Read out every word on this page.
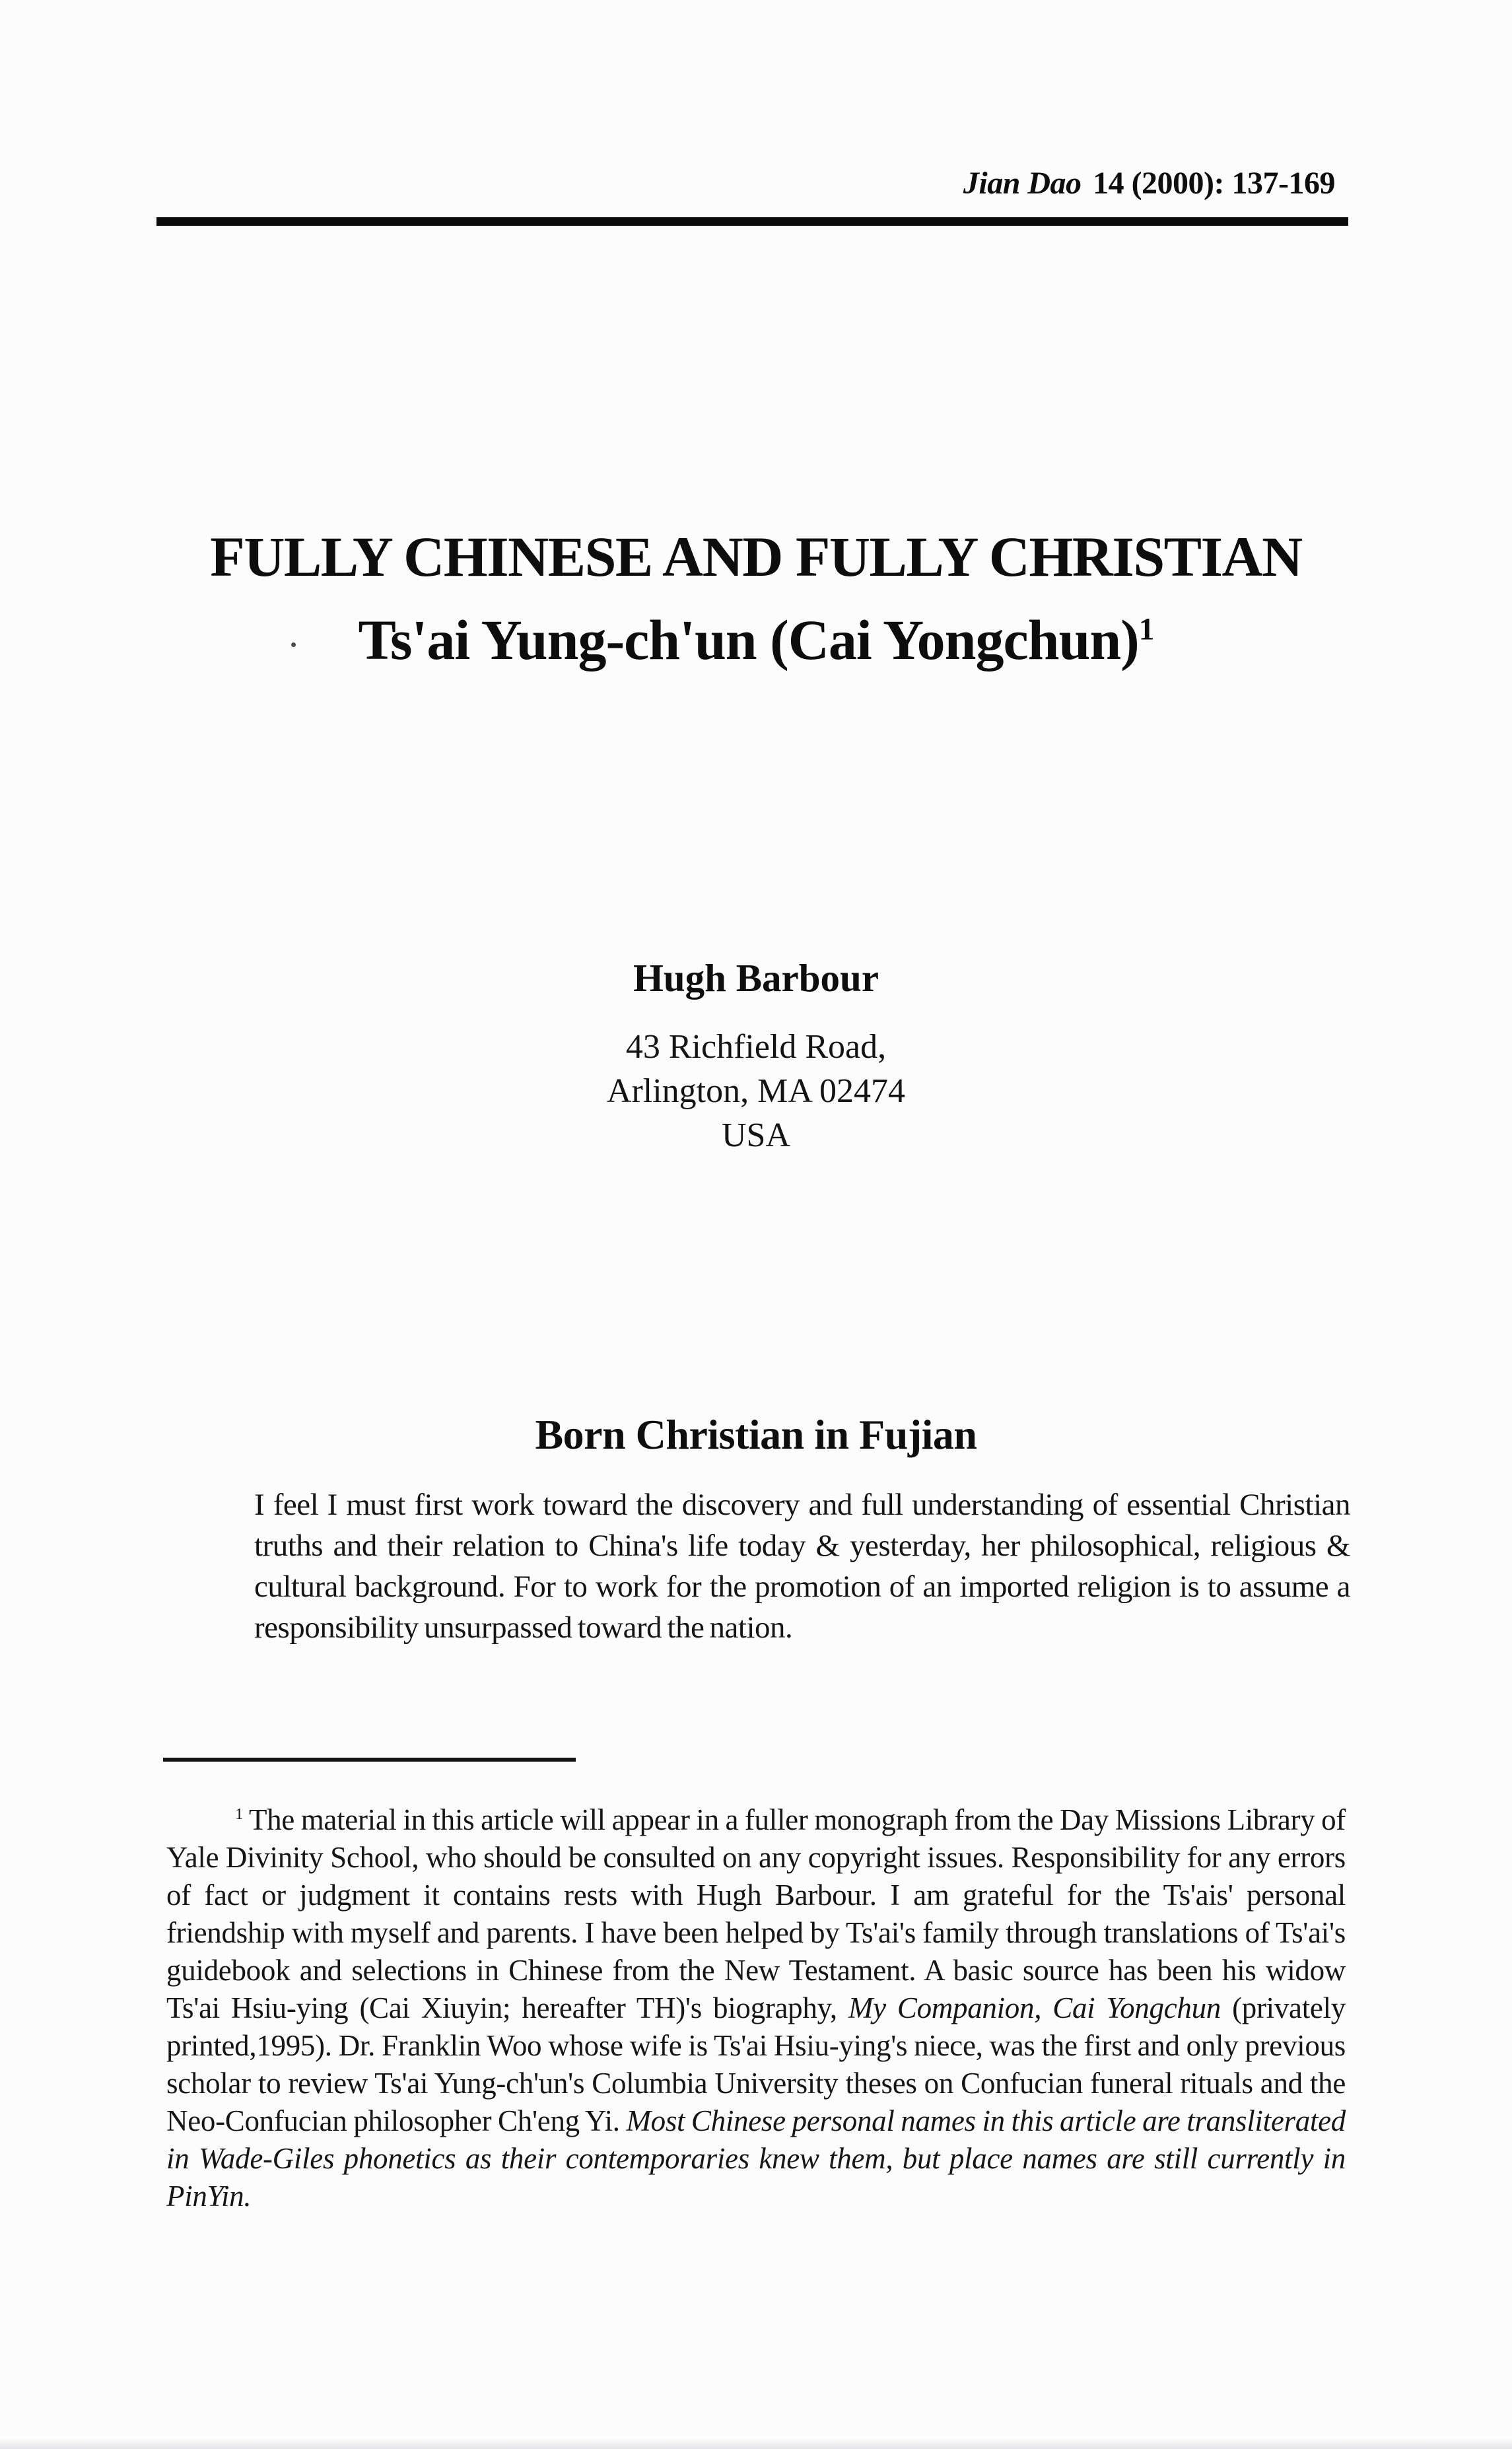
Jian Dao 14 (2000): 137-169
FULLY CHINESE AND FULLY CHRISTIAN
Ts'ai Yung-ch'un (Cai Yongchun)$^1$
Hugh Barbour
43 Richfield Road,
Arlington, MA 02474
USA
Born Christian in Fujian

I feel I must first work toward the discovery and full understanding of essential Christian truths and their relation to China's life today & yesterday, her philosophical, religious & cultural background. For to work for the promotion of an imported religion is to assume a responsibility unsurpassed toward the nation.

$^1$ The material in this article will appear in a fuller monograph from the Day Missions Library of Yale Divinity School, who should be consulted on any copyright issues. Responsibility for any errors of fact or judgment it contains rests with Hugh Barbour. I am grateful for the Ts'ais' personal friendship with myself and parents. I have been helped by Ts'ai's family through translations of Ts'ai's guidebook and selections in Chinese from the New Testament. A basic source has been his widow Ts'ai Hsiu-ying (Cai Xiuyin; hereafter TH)'s biography, My Companion, Cai Yongchun (privately printed,1995). Dr. Franklin Woo whose wife is Ts'ai Hsiu-ying's niece, was the first and only previous scholar to review Ts'ai Yung-ch'un's Columbia University theses on Confucian funeral rituals and the Neo-Confucian philosopher Ch'eng Yi. Most Chinese personal names in this article are transliterated in Wade-Giles phonetics as their contemporaries knew them, but place names are still currently in PinYin.
